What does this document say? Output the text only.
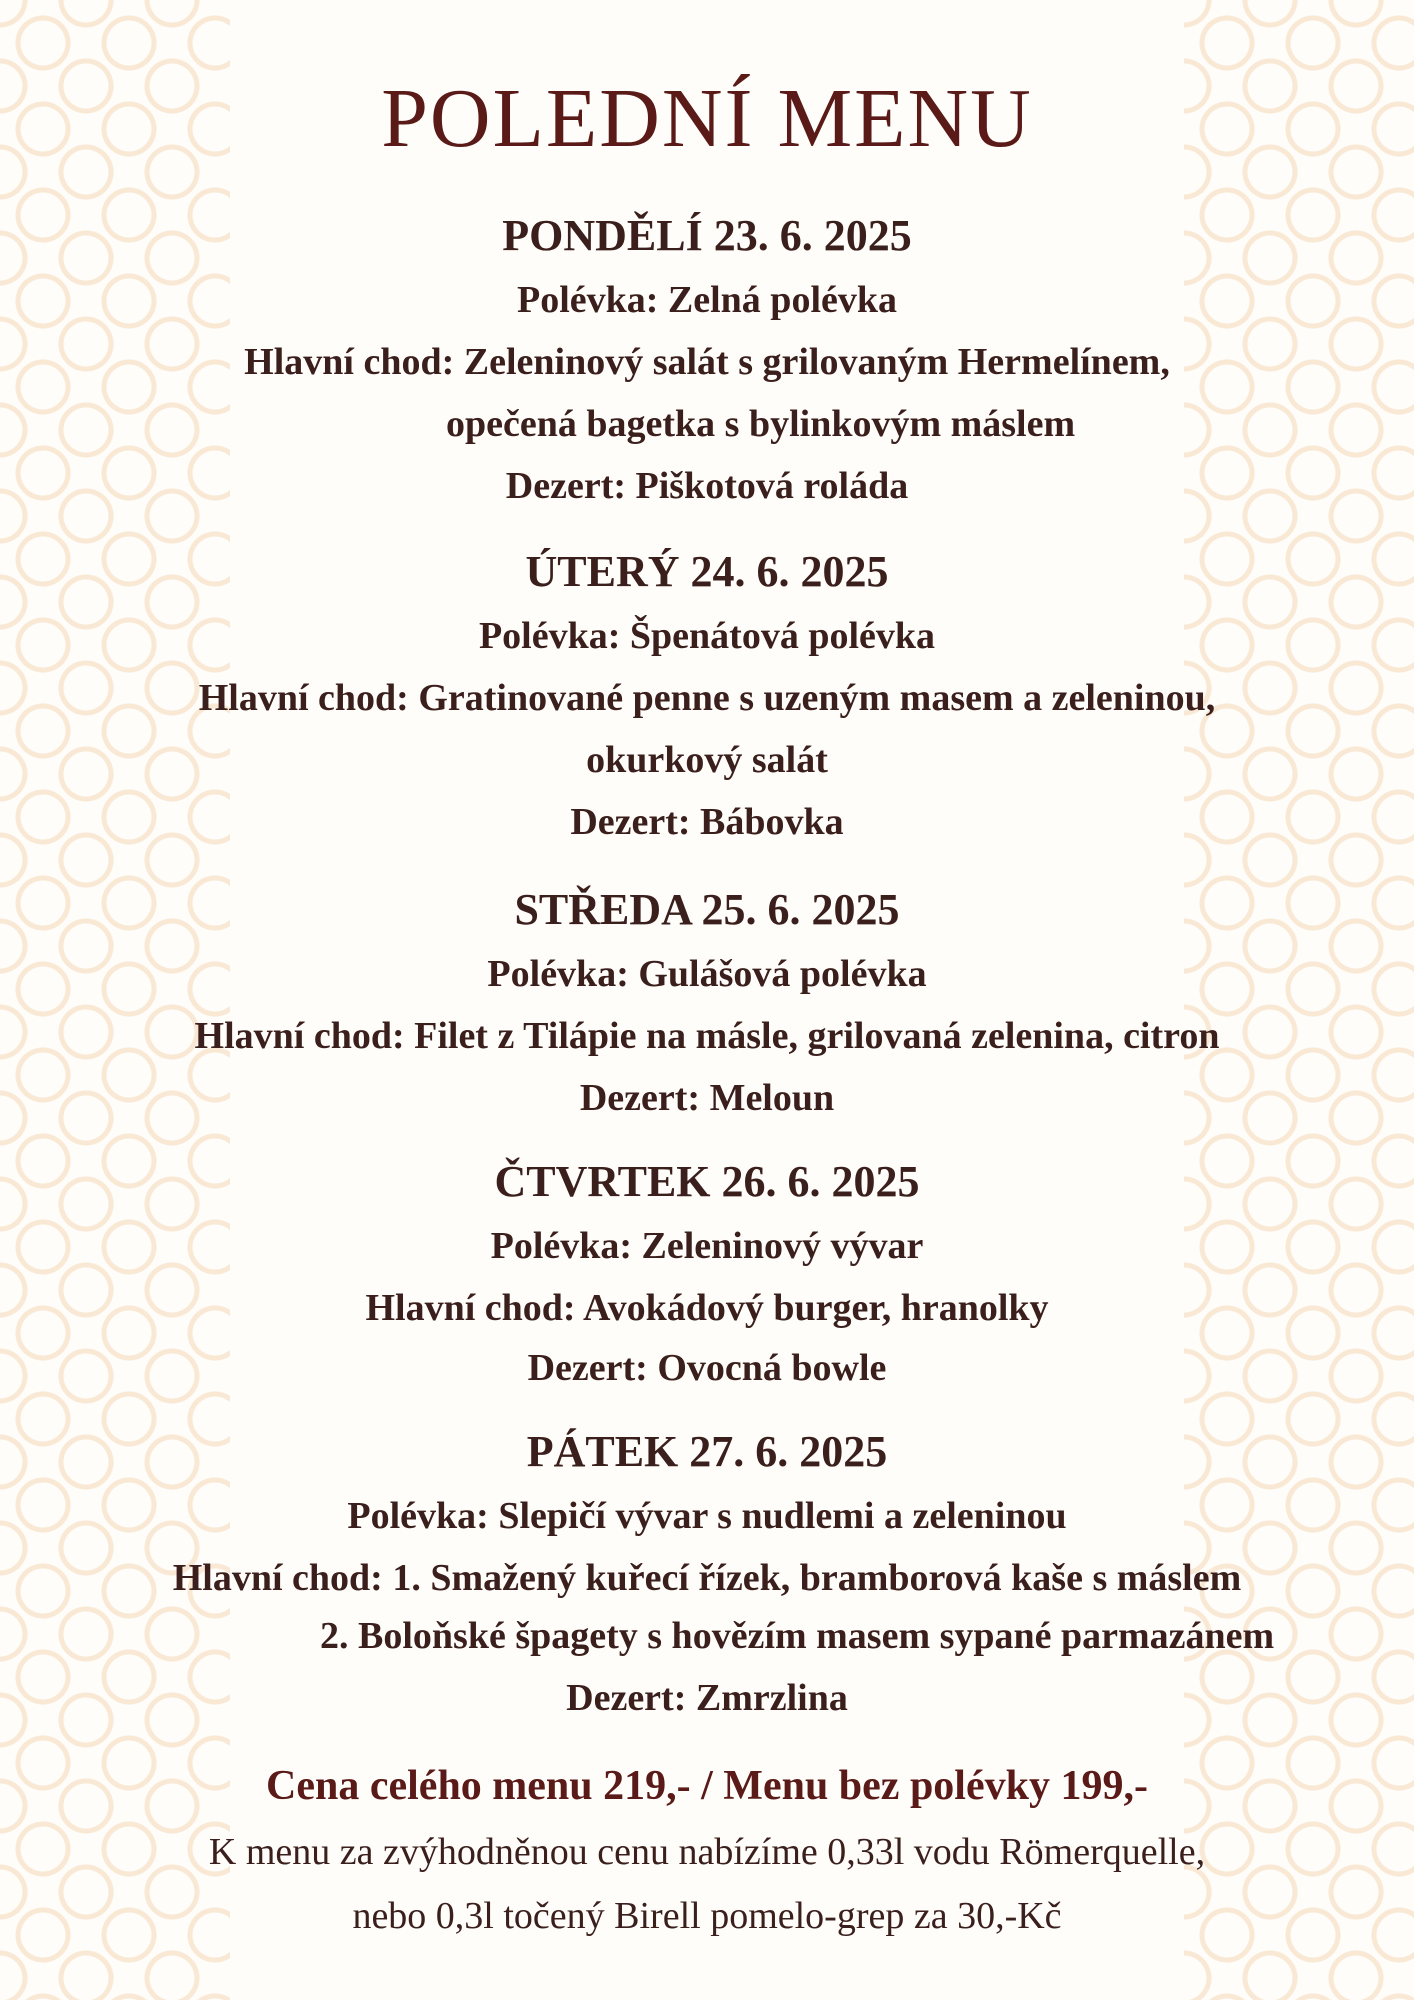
POLEDNÍ MENU
PONDĚLÍ 23. 6. 2025
Polévka: Zelná polévka
Hlavní chod: Zeleninový salát s grilovaným Hermelínem,
opečená bagetka s bylinkovým máslem
Dezert: Piškotová roláda
ÚTERÝ 24. 6. 2025
Polévka: Špenátová polévka
Hlavní chod: Gratinované penne s uzeným masem a zeleninou,
okurkový salát
Dezert: Bábovka
STŘEDA 25. 6. 2025
Polévka: Gulášová polévka
Hlavní chod: Filet z Tilápie na másle, grilovaná zelenina, citron
Dezert: Meloun
ČTVRTEK 26. 6. 2025
Polévka: Zeleninový vývar
Hlavní chod: Avokádový burger, hranolky
Dezert: Ovocná bowle
PÁTEK 27. 6. 2025
Polévka: Slepičí vývar s nudlemi a zeleninou
Hlavní chod: 1. Smažený kuřecí řízek, bramborová kaše s máslem
2. Boloňské špagety s hovězím masem sypané parmazánem
Dezert: Zmrzlina
Cena celého menu 219,- / Menu bez polévky 199,-
K menu za zvýhodněnou cenu nabízíme 0,33l vodu Römerquelle,
nebo 0,3l točený Birell pomelo-grep za 30,-Kč
